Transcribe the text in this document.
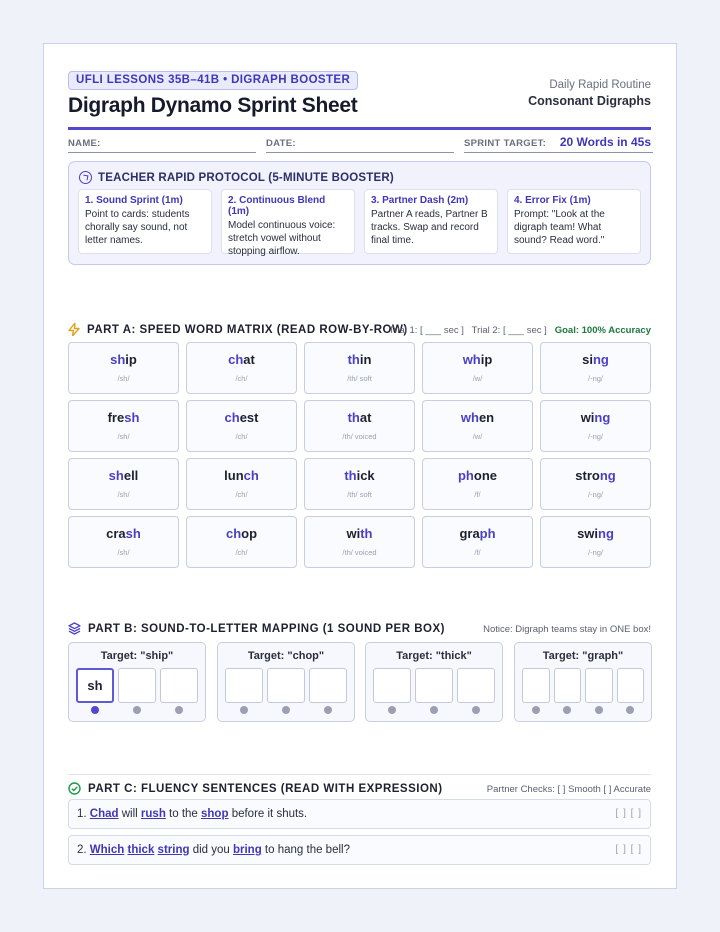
UFLI LESSONS 35B–41B • DIGRAPH BOOSTER
Digraph Dynamo Sprint Sheet
Daily Rapid Routine
Consonant Digraphs
NAME:	DATE:	SPRINT TARGET: 20 Words in 45s
TEACHER RAPID PROTOCOL (5-MINUTE BOOSTER)
1. Sound Sprint (1m)
Point to cards: students chorally say sound, not letter names.
2. Continuous Blend (1m)
Model continuous voice: stretch vowel without stopping airflow.
3. Partner Dash (2m)
Partner A reads, Partner B tracks. Swap and record final time.
4. Error Fix (1m)
Prompt: "Look at the digraph team! What sound? Read word."
PART A: SPEED WORD MATRIX (READ ROW-BY-ROW)
Trial 1: [ ___ sec ] Trial 2: [ ___ sec ] Goal: 100% Accuracy
PART B: SOUND-TO-LETTER MAPPING (1 SOUND PER BOX)	Notice: Digraph teams stay in ONE box!
PART C: FLUENCY SENTENCES (READ WITH EXPRESSION)	Partner Checks: [ ] Smooth [ ] Accurate
ship
/sh/
chat
/ch/
thin
/th/ soft
whip
/w/
sing
/-ng/
fresh
/sh/
chest
/ch/
that
/th/ voiced
when
/w/
wing
/-ng/
shell
/sh/
lunch
/ch/
thick
/th/ soft
phone
/f/
strong
/-ng/
crash
/sh/
chop
/ch/
with
/th/ voiced
graph
/f/
swing
/-ng/
Target: "ship"
sh
Target: "chop"	Target: "thick"	Target: "graph"
1. Chad will rush to the shop before it shuts.	[ ] [ ]
2. Which thick string did you bring to hang the bell?	[ ] [ ]
